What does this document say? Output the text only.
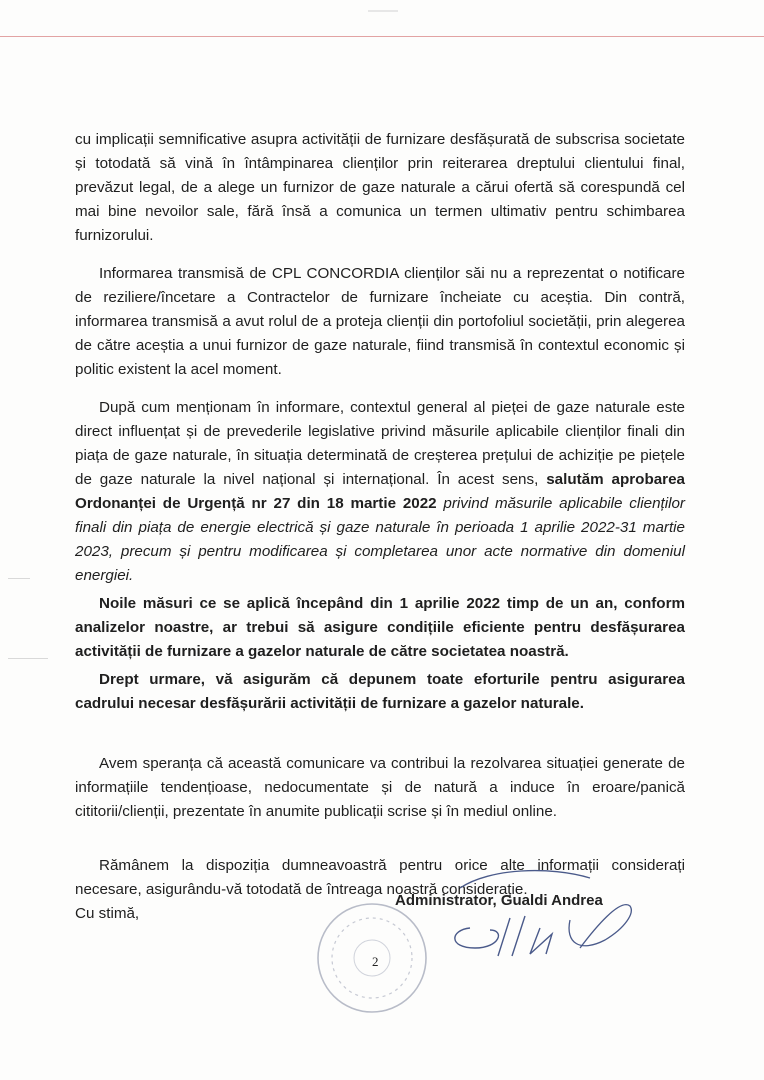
cu implicații semnificative asupra activității de furnizare desfășurată de subscrisa societate și totodată să vină în întâmpinarea clienților prin reiterarea dreptului clientului final, prevăzut legal, de a alege un furnizor de gaze naturale a cărui ofertă să corespundă cel mai bine nevoilor sale, fără însă a comunica un termen ultimativ pentru schimbarea furnizorului.

Informarea transmisă de CPL CONCORDIA clienților săi nu a reprezentat o notificare de reziliere/încetare a Contractelor de furnizare încheiate cu aceștia. Din contră, informarea transmisă a avut rolul de a proteja clienții din portofoliul societății, prin alegerea de către aceștia a unui furnizor de gaze naturale, fiind transmisă în contextul economic și politic existent la acel moment.

După cum menționam în informare, contextul general al pieței de gaze naturale este direct influențat și de prevederile legislative privind măsurile aplicabile clienților finali din piața de gaze naturale, în situația determinată de creșterea prețului de achiziție pe piețele de gaze naturale la nivel național și internațional. În acest sens, salutăm aprobarea Ordonanței de Urgență nr 27 din 18 martie 2022 privind măsurile aplicabile clienților finali din piața de energie electrică și gaze naturale în perioada 1 aprilie 2022-31 martie 2023, precum și pentru modificarea și completarea unor acte normative din domeniul energiei.

Noile măsuri ce se aplică începând din 1 aprilie 2022 timp de un an, conform analizelor noastre, ar trebui să asigure condițiile eficiente pentru desfășurarea activității de furnizare a gazelor naturale de către societatea noastră.

Drept urmare, vă asigurăm că depunem toate eforturile pentru asigurarea cadrului necesar desfășurării activității de furnizare a gazelor naturale.

Avem speranța că această comunicare va contribui la rezolvarea situației generate de informațiile tendențioase, nedocumentate și de natură a induce în eroare/panică cititorii/clienții, prezentate în anumite publicații scrise și în mediul online.

Rămânem la dispoziția dumneavoastră pentru orice alte informații considerați necesare, asigurându-vă totodată de întreaga noastră considerație.

Cu stimă,

Administrator, Gualdi Andrea
2
